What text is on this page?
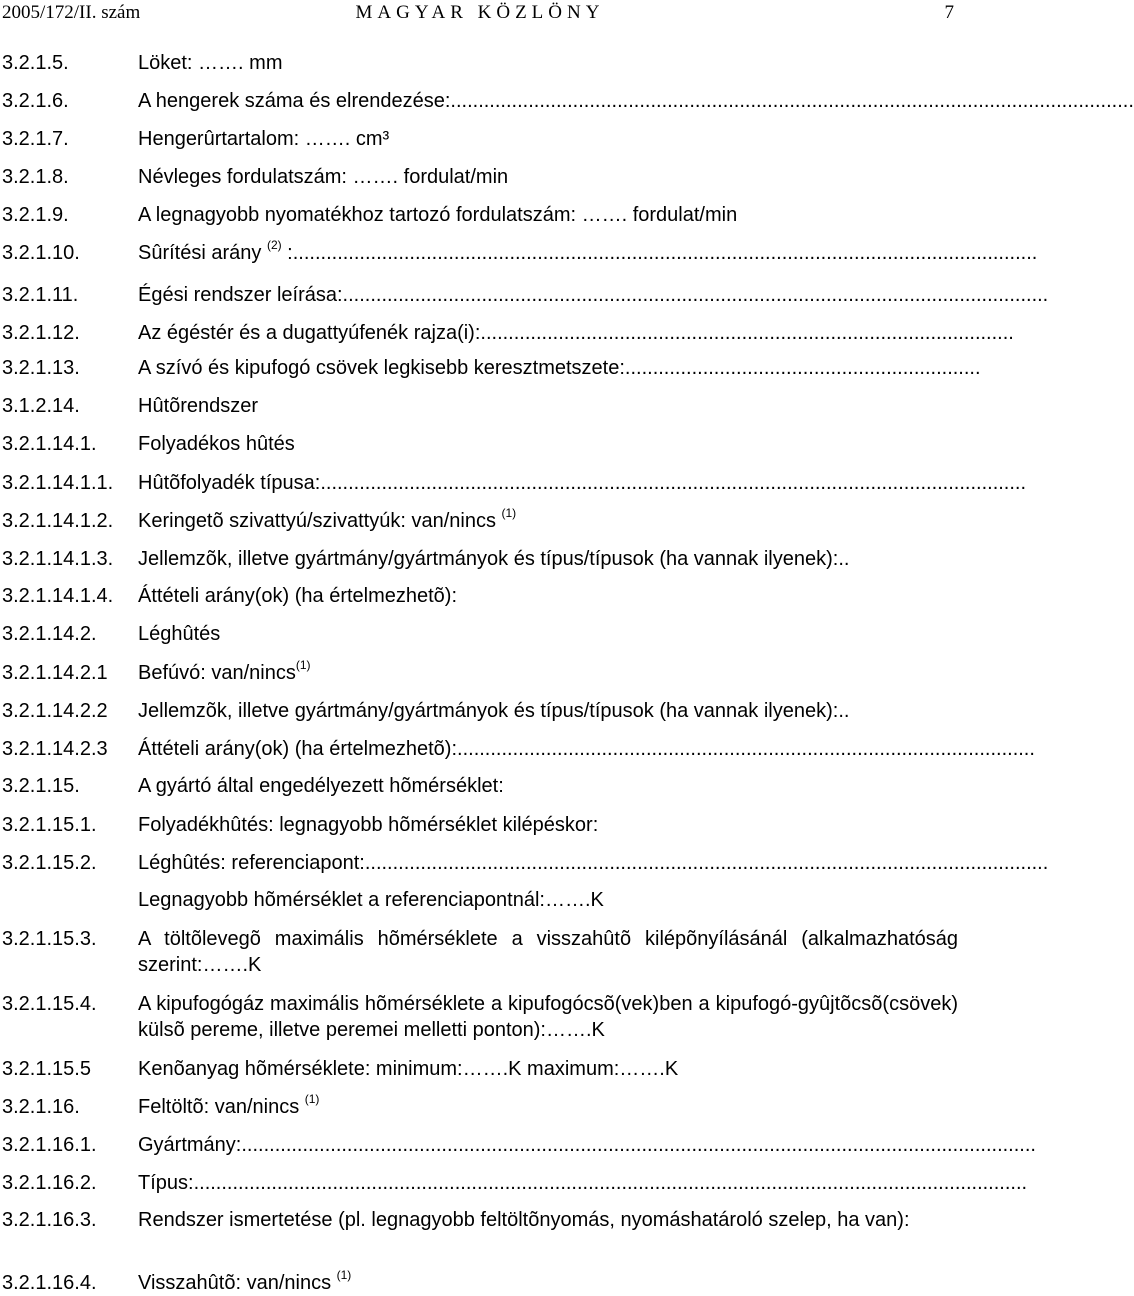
2005/172/II. szám	MAGYAR KÖZLÖNY	7
3.2.1.5.	Löket: ……. mm
3.2.1.6.	A hengerek száma és elrendezése:...........................................................................................................................
3.2.1.7.	Hengerûrtartalom: ……. cm³
3.2.1.8.	Névleges fordulatszám: ……. fordulat/min
3.2.1.9.	A legnagyobb nyomatékhoz tartozó fordulatszám: ……. fordulat/min
3.2.1.10.	Sûrítési arány $^{(2)}$ :......................................................................................................................................
3.2.1.11.	Égési rendszer leírása:...............................................................................................................................
3.2.1.12.	Az égéstér és a dugattyúfenék rajza(i):................................................................................................
3.2.1.13.	A szívó és kipufogó csövek legkisebb keresztmetszete:................................................................
3.1.2.14.	Hûtõrendszer
3.2.1.14.1. Folyadékos hûtés
3.2.1.14.1.1. Hûtõfolyadék típusa:...............................................................................................................................
3.2.1.14.1.2. Keringetõ szivattyú/szivattyúk: van/nincs $^{(1)}$
3.2.1.14.1.3. Jellemzõk, illetve gyártmány/gyártmányok és típus/típusok (ha vannak ilyenek):..
3.2.1.14.1.4. Áttételi arány(ok) (ha értelmezhetõ):
3.2.1.14.2. Léghûtés
3.2.1.14.2.1 Befúvó: van/nincs$^{(1)}$
3.2.1.14.2.2 Jellemzõk, illetve gyártmány/gyártmányok és típus/típusok (ha vannak ilyenek):..
3.2.1.14.2.3 Áttételi arány(ok) (ha értelmezhetõ):........................................................................................................
3.2.1.15.	A gyártó által engedélyezett hõmérséklet:
3.2.1.15.1. Folyadékhûtés: legnagyobb hõmérséklet kilépéskor:
3.2.1.15.2. Léghûtés: referenciapont:...........................................................................................................................
Legnagyobb hõmérséklet a referenciapontnál:…….K
3.2.1.15.3. A töltõlevegõ maximális hõmérséklete a visszahûtõ kilépõnyílásánál (alkalmazhatóság szerint:…….K
3.2.1.15.4. A kipufogógáz maximális hõmérséklete a kipufogócsõ(vek)ben a kipufogó-gyûjtõcsõ(csövek) külsõ pereme, illetve peremei melletti ponton):…….K
3.2.1.15.5 Kenõanyag hõmérséklete: minimum:…….K maximum:…….K
3.2.1.16.	Feltöltõ: van/nincs $^{(1)}$
3.2.1.16.1. Gyártmány:...............................................................................................................................................
3.2.1.16.2. Típus:......................................................................................................................................................
3.2.1.16.3. Rendszer ismertetése (pl. legnagyobb feltöltõnyomás, nyomáshatároló szelep, ha van):
3.2.1.16.4. Visszahûtõ: van/nincs $^{(1)}$
